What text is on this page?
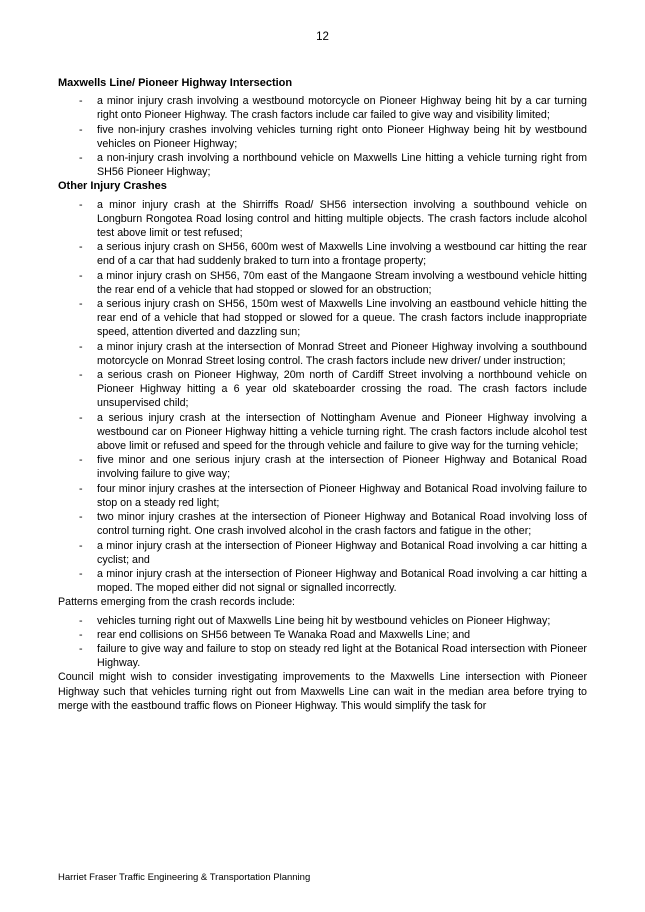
12
Maxwells Line/ Pioneer Highway Intersection
- a minor injury crash involving a westbound motorcycle on Pioneer Highway being hit by a car turning right onto Pioneer Highway. The crash factors include car failed to give way and visibility limited;
- five non-injury crashes involving vehicles turning right onto Pioneer Highway being hit by westbound vehicles on Pioneer Highway;
- a non-injury crash involving a northbound vehicle on Maxwells Line hitting a vehicle turning right from SH56 Pioneer Highway;
Other Injury Crashes
- a minor injury crash at the Shirriffs Road/ SH56 intersection involving a southbound vehicle on Longburn Rongotea Road losing control and hitting multiple objects. The crash factors include alcohol test above limit or test refused;
- a serious injury crash on SH56, 600m west of Maxwells Line involving a westbound car hitting the rear end of a car that had suddenly braked to turn into a frontage property;
- a minor injury crash on SH56, 70m east of the Mangaone Stream involving a westbound vehicle hitting the rear end of a vehicle that had stopped or slowed for an obstruction;
- a serious injury crash on SH56, 150m west of Maxwells Line involving an eastbound vehicle hitting the rear end of a vehicle that had stopped or slowed for a queue. The crash factors include inappropriate speed, attention diverted and dazzling sun;
- a minor injury crash at the intersection of Monrad Street and Pioneer Highway involving a southbound motorcycle on Monrad Street losing control. The crash factors include new driver/ under instruction;
- a serious crash on Pioneer Highway, 20m north of Cardiff Street involving a northbound vehicle on Pioneer Highway hitting a 6 year old skateboarder crossing the road. The crash factors include unsupervised child;
- a serious injury crash at the intersection of Nottingham Avenue and Pioneer Highway involving a westbound car on Pioneer Highway hitting a vehicle turning right. The crash factors include alcohol test above limit or refused and speed for the through vehicle and failure to give way for the turning vehicle;
- five minor and one serious injury crash at the intersection of Pioneer Highway and Botanical Road involving failure to give way;
- four minor injury crashes at the intersection of Pioneer Highway and Botanical Road involving failure to stop on a steady red light;
- two minor injury crashes at the intersection of Pioneer Highway and Botanical Road involving loss of control turning right. One crash involved alcohol in the crash factors and fatigue in the other;
- a minor injury crash at the intersection of Pioneer Highway and Botanical Road involving a car hitting a cyclist; and
- a minor injury crash at the intersection of Pioneer Highway and Botanical Road involving a car hitting a moped. The moped either did not signal or signalled incorrectly.

Patterns emerging from the crash records include:

- vehicles turning right out of Maxwells Line being hit by westbound vehicles on Pioneer Highway;
- rear end collisions on SH56 between Te Wanaka Road and Maxwells Line; and
- failure to give way and failure to stop on steady red light at the Botanical Road intersection with Pioneer Highway.

Council might wish to consider investigating improvements to the Maxwells Line intersection with Pioneer Highway such that vehicles turning right out from Maxwells Line can wait in the median area before trying to merge with the eastbound traffic flows on Pioneer Highway. This would simplify the task for

Harriet Fraser Traffic Engineering & Transportation Planning
